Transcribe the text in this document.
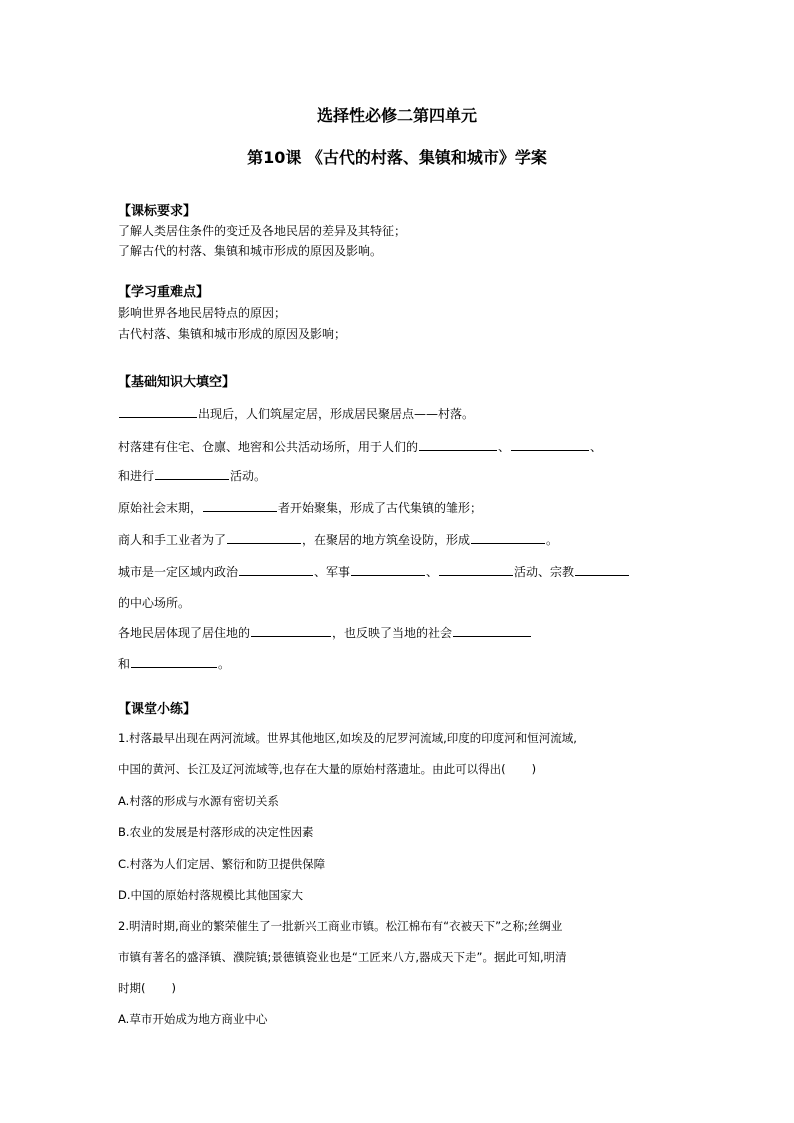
选择性必修二第四单元
第10课 《古代的村落、集镇和城市》学案
【课标要求】
了解人类居住条件的变迁及各地民居的差异及其特征；
了解古代的村落、集镇和城市形成的原因及影响。
【学习重难点】
影响世界各地民居特点的原因；
古代村落、集镇和城市形成的原因及影响；
【基础知识大填空】
出现后，人们筑屋定居，形成居民聚居点——村落。
村落建有住宅、仓廪、地窖和公共活动场所，用于人们的	、	、
和进行	活动。
原始社会末期，	者开始聚集，形成了古代集镇的雏形；
商人和手工业者为了	，在聚居的地方筑垒设防，形成	。
城市是一定区域内政治	、军事	、	活动、宗教
的中心场所。
各地民居体现了居住地的	，也反映了当地的社会
和	。
【课堂小练】
1.村落最早出现在两河流域。世界其他地区,如埃及的尼罗河流域,印度的印度河和恒河流域,
中国的黄河、长江及辽河流域等,也存在大量的原始村落遗址。由此可以得出( )
A.村落的形成与水源有密切关系
B.农业的发展是村落形成的决定性因素
C.村落为人们定居、繁衍和防卫提供保障
D.中国的原始村落规模比其他国家大
2.明清时期,商业的繁荣催生了一批新兴工商业市镇。松江棉布有“衣被天下”之称;丝绸业
市镇有著名的盛泽镇、濮院镇;景德镇瓷业也是“工匠来八方,器成天下走”。据此可知,明清
时期( )
A.草市开始成为地方商业中心
